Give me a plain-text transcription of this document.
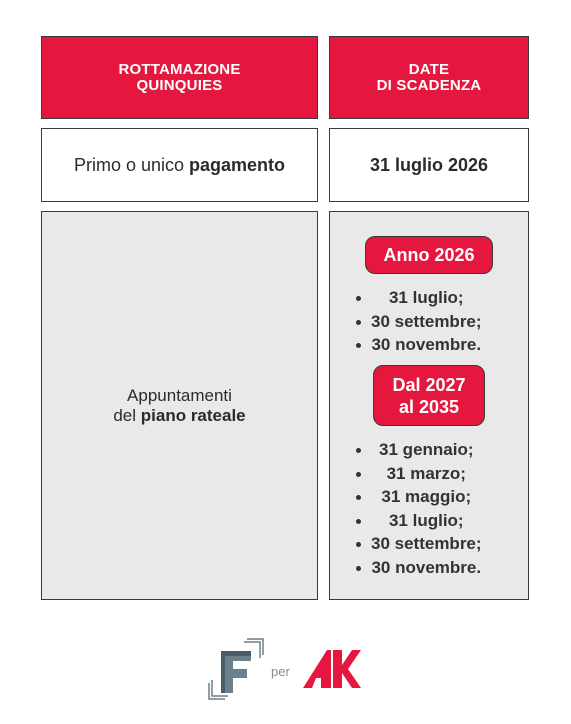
ROTTAMAZIONE
QUINQUIES
DATE
DI SCADENZA
Primo o unico pagamento	31 luglio 2026
Appuntamenti
del piano rateale
Anno 2026
31 luglio;
30 settembre;
30 novembre.
Dal 2027
al 2035
31 gennaio;
31 marzo;
31 maggio;
31 luglio;
30 settembre;
30 novembre.
per
